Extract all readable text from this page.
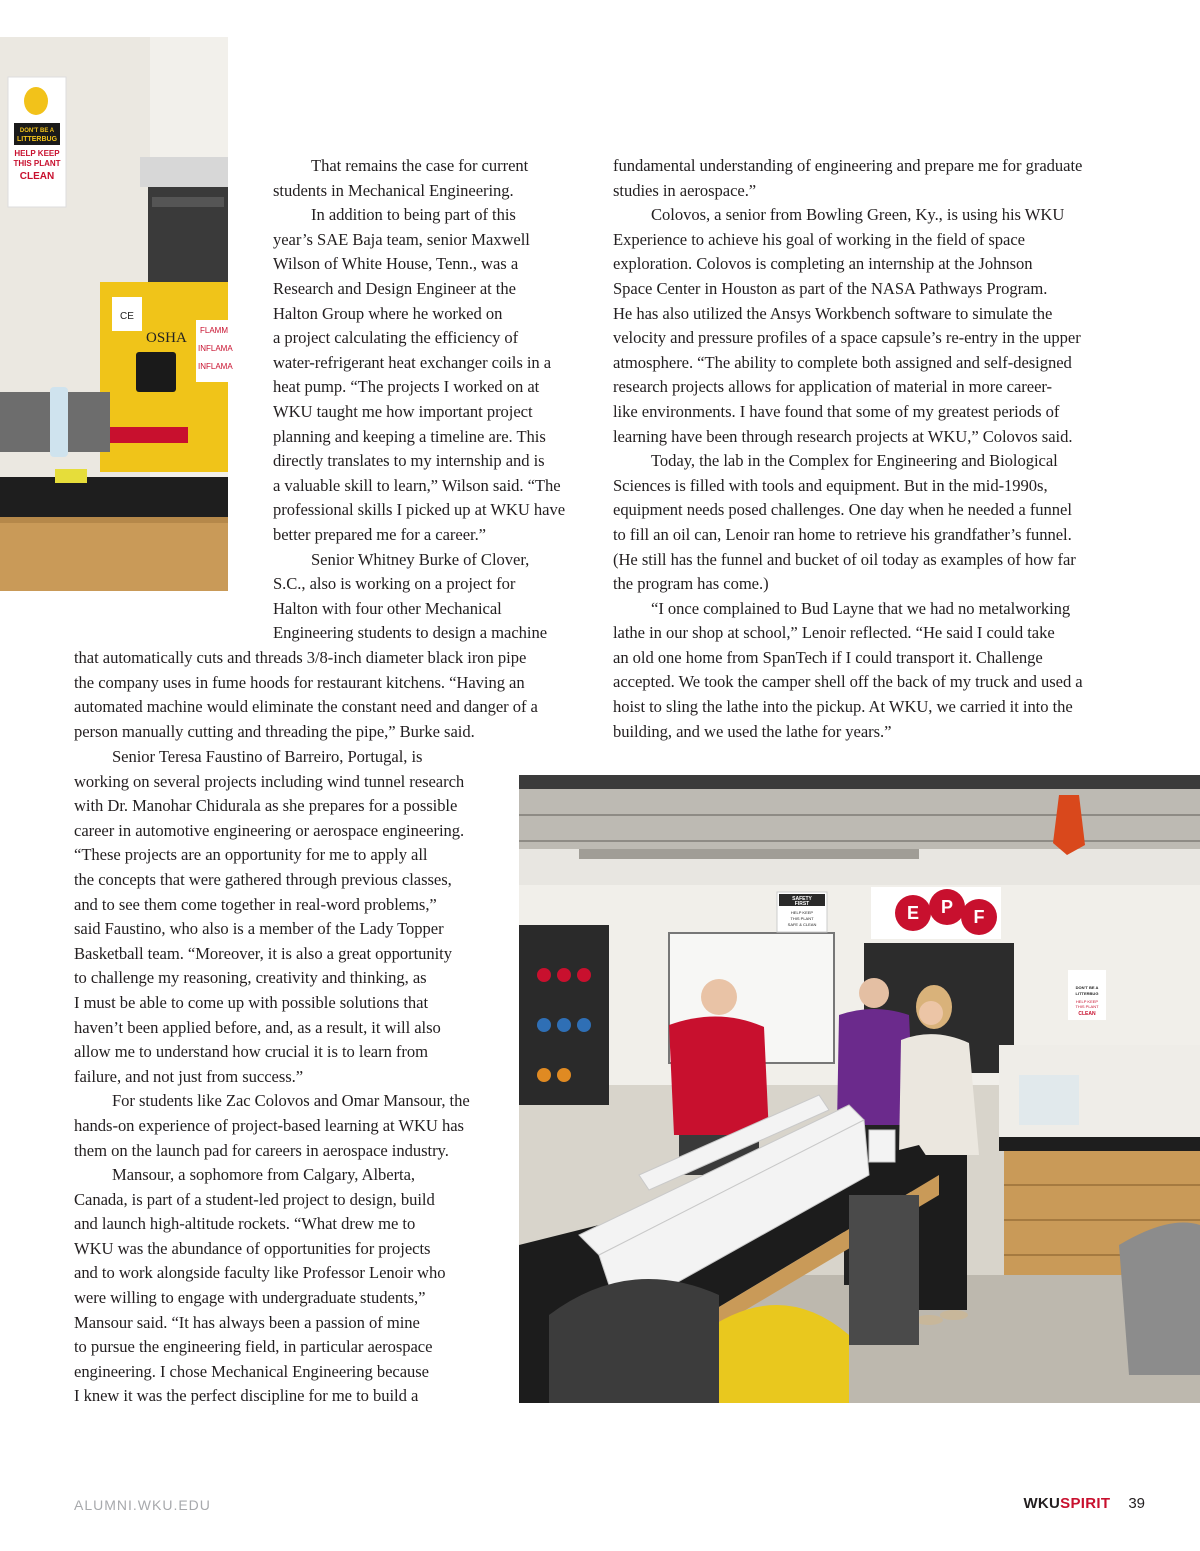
DON'T BE A
LITTERBUG
HELP KEEP
THIS PLANT
CLEAN
CE
OSHA FLAMM
INFLAMA
INFLAMA

That remains the case for current

students in Mechanical Engineering.

In addition to being part of this

year’s SAE Baja team, senior Maxwell

Wilson of White House, Tenn., was a

Research and Design Engineer at the

Halton Group where he worked on

a project calculating the efficiency of

water-refrigerant heat exchanger coils in a

heat pump. “The projects I worked on at

WKU taught me how important project

planning and keeping a timeline are. This

directly translates to my internship and is

a valuable skill to learn,” Wilson said. “The

professional skills I picked up at WKU have

better prepared me for a career.”

Senior Whitney Burke of Clover,

S.C., also is working on a project for

Halton with four other Mechanical

Engineering students to design a machine

that automatically cuts and threads 3/8-inch diameter black iron pipe

the company uses in fume hoods for restaurant kitchens. “Having an

automated machine would eliminate the constant need and danger of a

person manually cutting and threading the pipe,” Burke said.

Senior Teresa Faustino of Barreiro, Portugal, is

working on several projects including wind tunnel research

with Dr. Manohar Chidurala as she prepares for a possible

career in automotive engineering or aerospace engineering.

“These projects are an opportunity for me to apply all

the concepts that were gathered through previous classes,

and to see them come together in real-word problems,”

said Faustino, who also is a member of the Lady Topper

Basketball team. “Moreover, it is also a great opportunity

to challenge my reasoning, creativity and thinking, as

I must be able to come up with possible solutions that

haven’t been applied before, and, as a result, it will also

allow me to understand how crucial it is to learn from

failure, and not just from success.”

For students like Zac Colovos and Omar Mansour, the

hands-on experience of project-based learning at WKU has

them on the launch pad for careers in aerospace industry.

Mansour, a sophomore from Calgary, Alberta,

Canada, is part of a student-led project to design, build

and launch high-altitude rockets. “What drew me to

WKU was the abundance of opportunities for projects

and to work alongside faculty like Professor Lenoir who

were willing to engage with undergraduate students,”

Mansour said. “It has always been a passion of mine

to pursue the engineering field, in particular aerospace

engineering. I chose Mechanical Engineering because

I knew it was the perfect discipline for me to build a

fundamental understanding of engineering and prepare me for graduate

studies in aerospace.”

Colovos, a senior from Bowling Green, Ky., is using his WKU

Experience to achieve his goal of working in the field of space

exploration. Colovos is completing an internship at the Johnson

Space Center in Houston as part of the NASA Pathways Program.

He has also utilized the Ansys Workbench software to simulate the

velocity and pressure profiles of a space capsule’s re-entry in the upper

atmosphere. “The ability to complete both assigned and self-designed

research projects allows for application of material in more career-

like environments. I have found that some of my greatest periods of

learning have been through research projects at WKU,” Colovos said.

Today, the lab in the Complex for Engineering and Biological

Sciences is filled with tools and equipment. But in the mid-1990s,

equipment needs posed challenges. One day when he needed a funnel

to fill an oil can, Lenoir ran home to retrieve his grandfather’s funnel.

(He still has the funnel and bucket of oil today as examples of how far

the program has come.)

“I once complained to Bud Layne that we had no metalworking

lathe in our shop at school,” Lenoir reflected. “He said I could take

an old one home from SpanTech if I could transport it. Challenge

accepted. We took the camper shell off the back of my truck and used a

hoist to sling the lathe into the pickup. At WKU, we carried it into the

building, and we used the lathe for years.”

SAFETY
FIRST
HELP KEEP
THIS PLANT
SAFE & CLEAN
E P F
DON'T BE A
LITTERBUG
HELP KEEP
THIS PLANT
CLEAN
ALUMNI.WKU.EDU	WKUSPIRIT 39
